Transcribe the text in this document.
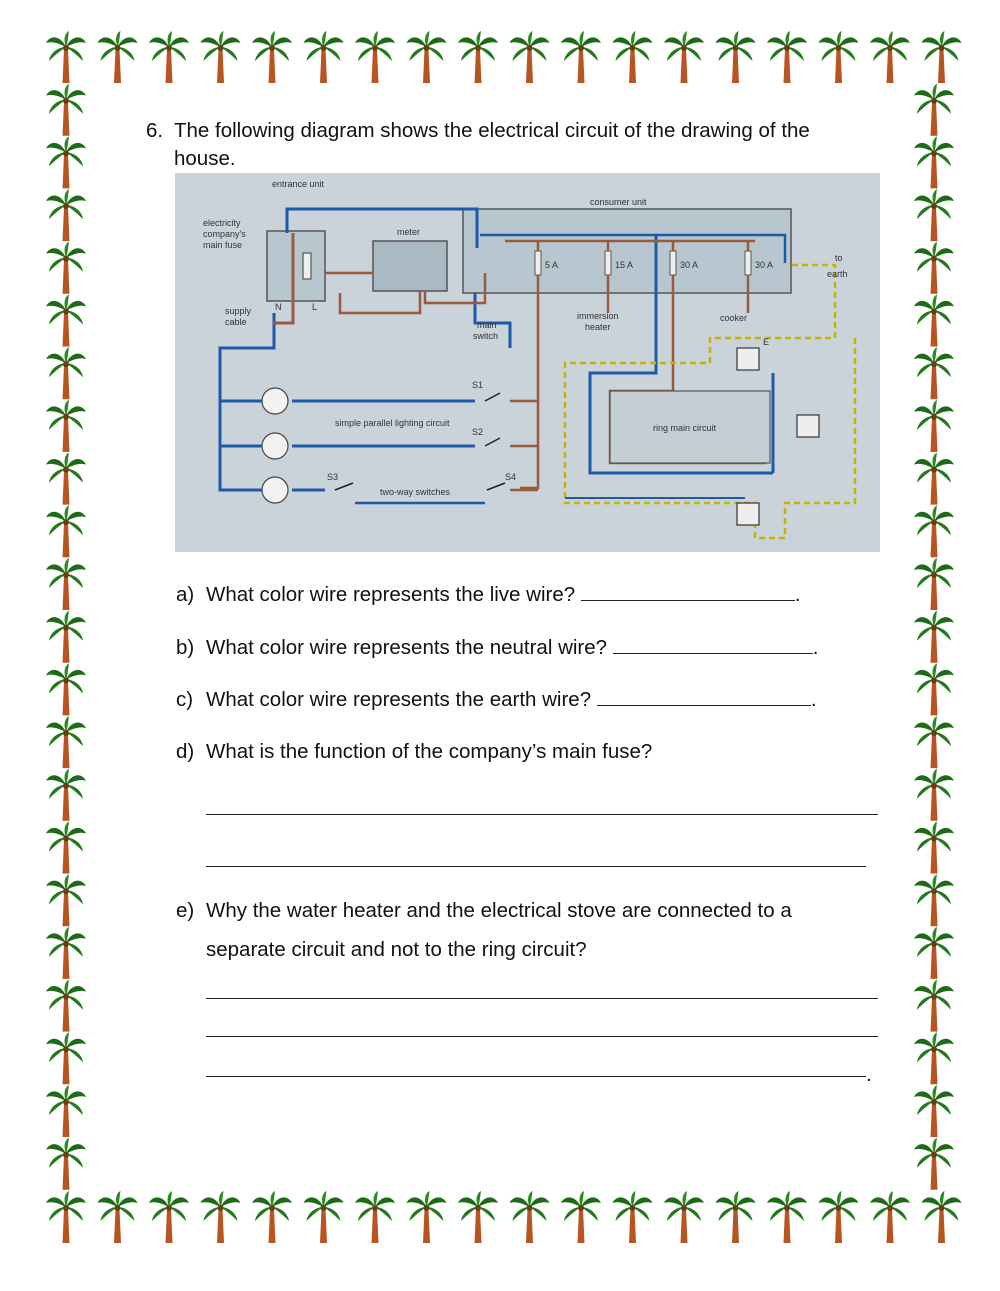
6. The following diagram shows the electrical circuit of the drawing of the house.
entrance unit
consumer unit
electricity
company's
main fuse
meter
supply
cable	main
switch
immersion
heater
cooker
to
earth
simple parallel lighting circuit
two-way switches
ring main circuit
5 A	15 A	30 A	30 A
S1
S2
S3	S4
N	L
E
a) What color wire represents the live wire?	.
b) What color wire represents the neutral wire?	.
c) What color wire represents the earth wire?	.
d) What is the function of the company’s main fuse?
e) Why the water heater and the electrical stove are connected to a
separate circuit and not to the ring circuit?
.
